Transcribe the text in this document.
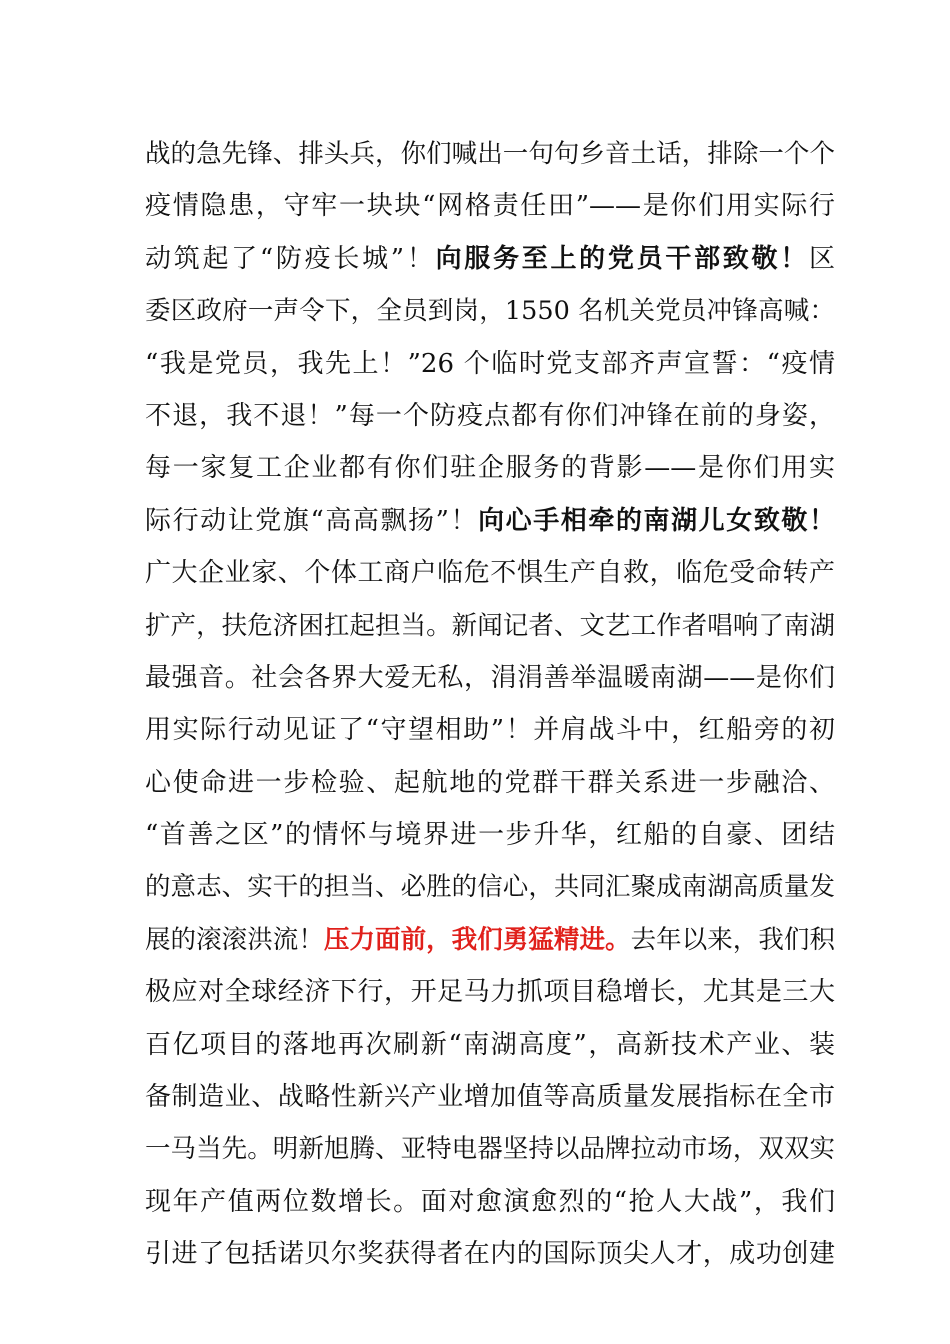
战的急先锋、排头兵，你们喊出一句句乡音土话，排除一个个
疫情隐患，守牢一块块“网格责任田”——是你们用实际行
动筑起了“防疫长城”！向服务至上的党员干部致敬！区
委区政府一声令下，全员到岗，1550 名机关党员冲锋高喊：
“我是党员，我先上！”26 个临时党支部齐声宣誓：“疫情
不退，我不退！”每一个防疫点都有你们冲锋在前的身姿，
每一家复工企业都有你们驻企服务的背影——是你们用实
际行动让党旗“高高飘扬”！向心手相牵的南湖儿女致敬！
广大企业家、个体工商户临危不惧生产自救，临危受命转产
扩产，扶危济困扛起担当。新闻记者、文艺工作者唱响了南湖
最强音。社会各界大爱无私，涓涓善举温暖南湖——是你们
用实际行动见证了“守望相助”！并肩战斗中，红船旁的初
心使命进一步检验、起航地的党群干群关系进一步融洽、
“首善之区”的情怀与境界进一步升华，红船的自豪、团结
的意志、实干的担当、必胜的信心，共同汇聚成南湖高质量发
展的滚滚洪流！压力面前，我们勇猛精进。去年以来，我们积
极应对全球经济下行，开足马力抓项目稳增长，尤其是三大
百亿项目的落地再次刷新“南湖高度”，高新技术产业、装
备制造业、战略性新兴产业增加值等高质量发展指标在全市
一马当先。明新旭腾、亚特电器坚持以品牌拉动市场，双双实
现年产值两位数增长。面对愈演愈烈的“抢人大战”，我们
引进了包括诺贝尔奖获得者在内的国际顶尖人才，成功创建
